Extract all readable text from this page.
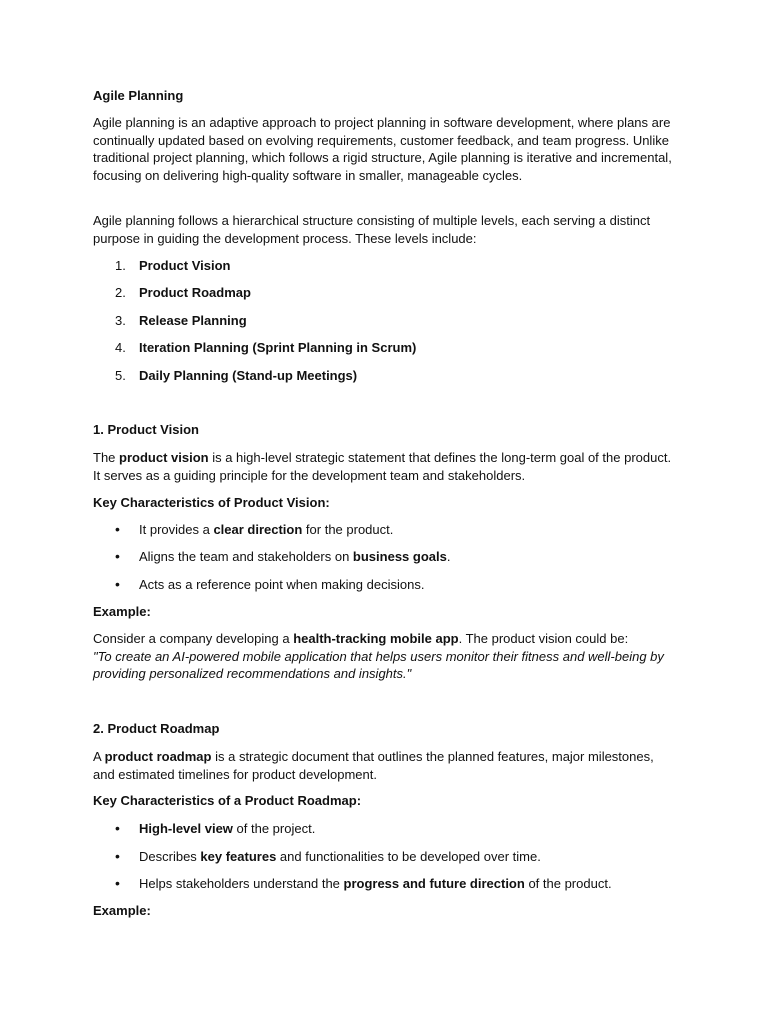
Agile Planning

Agile planning is an adaptive approach to project planning in software development, where plans are continually updated based on evolving requirements, customer feedback, and team progress. Unlike traditional project planning, which follows a rigid structure, Agile planning is iterative and incremental, focusing on delivering high-quality software in smaller, manageable cycles.

Agile planning follows a hierarchical structure consisting of multiple levels, each serving a distinct purpose in guiding the development process. These levels include:

1. Product Vision
2. Product Roadmap
3. Release Planning
4. Iteration Planning (Sprint Planning in Scrum)
5. Daily Planning (Stand-up Meetings)

1. Product Vision

The product vision is a high-level strategic statement that defines the long-term goal of the product. It serves as a guiding principle for the development team and stakeholders.

Key Characteristics of Product Vision:

• It provides a clear direction for the product.
• Aligns the team and stakeholders on business goals.
• Acts as a reference point when making decisions.

Example:

Consider a company developing a health-tracking mobile app. The product vision could be:
"To create an AI-powered mobile application that helps users monitor their fitness and well-being by providing personalized recommendations and insights."

2. Product Roadmap

A product roadmap is a strategic document that outlines the planned features, major milestones, and estimated timelines for product development.

Key Characteristics of a Product Roadmap:

• High-level view of the project.
• Describes key features and functionalities to be developed over time.
• Helps stakeholders understand the progress and future direction of the product.

Example:
